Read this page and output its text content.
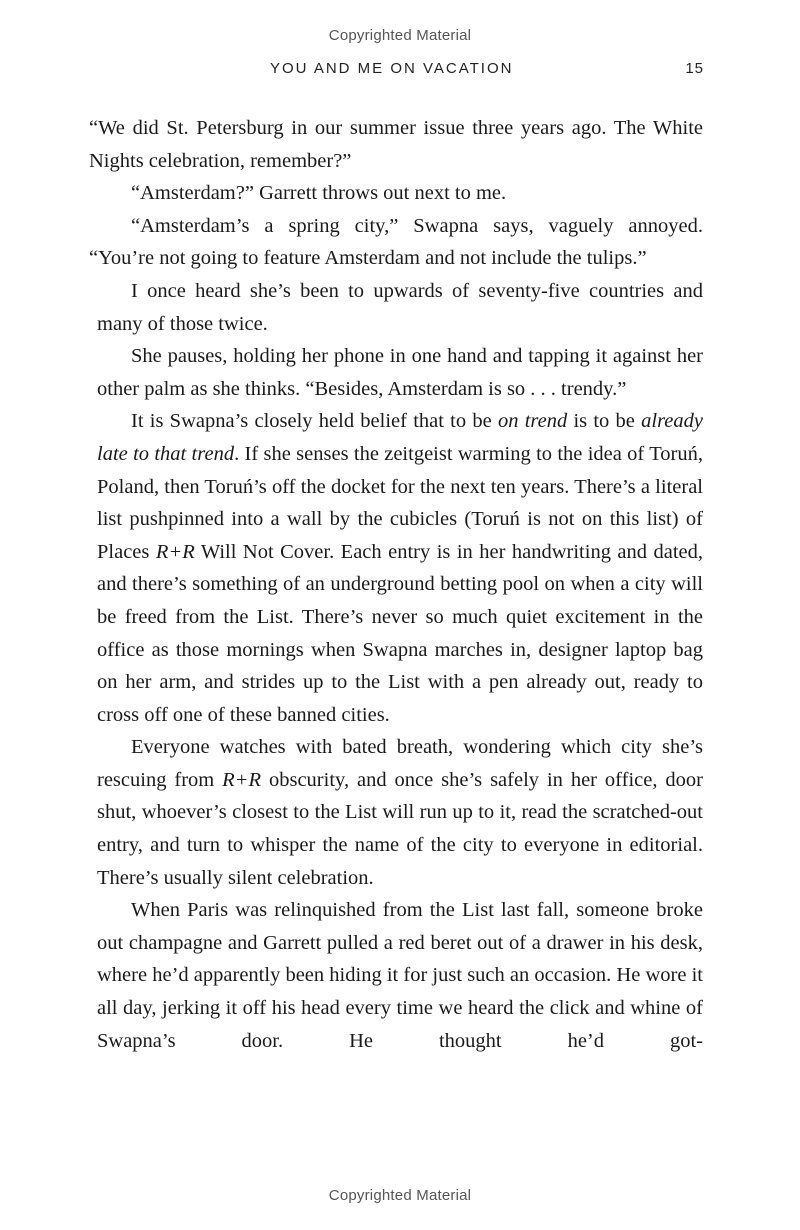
Copyrighted Material
YOU AND ME ON VACATION	15

“We did St. Petersburg in our summer issue three years ago. The White Nights celebration, remember?”

“Amsterdam?” Garrett throws out next to me.

“Amsterdam’s a spring city,” Swapna says, vaguely annoyed. “You’re not going to feature Amsterdam and not include the tulips.”

I once heard she’s been to upwards of seventy-five countries and many of those twice.

She pauses, holding her phone in one hand and tapping it against her other palm as she thinks. “Besides, Amsterdam is so . . . trendy.”

It is Swapna’s closely held belief that to be on trend is to be already late to that trend. If she senses the zeitgeist warming to the idea of Toruń, Poland, then Toruń’s off the docket for the next ten years. There’s a literal list pushpinned into a wall by the cubicles (Toruń is not on this list) of Places R+R Will Not Cover. Each entry is in her handwriting and dated, and there’s something of an underground betting pool on when a city will be freed from the List. There’s never so much quiet excitement in the office as those mornings when Swapna marches in, designer laptop bag on her arm, and strides up to the List with a pen already out, ready to cross off one of these banned cities.

Everyone watches with bated breath, wondering which city she’s rescuing from R+R obscurity, and once she’s safely in her office, door shut, whoever’s closest to the List will run up to it, read the scratched-out entry, and turn to whisper the name of the city to everyone in editorial. There’s usually silent celebration.

When Paris was relinquished from the List last fall, someone broke out champagne and Garrett pulled a red beret out of a drawer in his desk, where he’d apparently been hiding it for just such an occasion. He wore it all day, jerking it off his head every time we heard the click and whine of Swapna’s door. He thought he’d got-

Copyrighted Material
